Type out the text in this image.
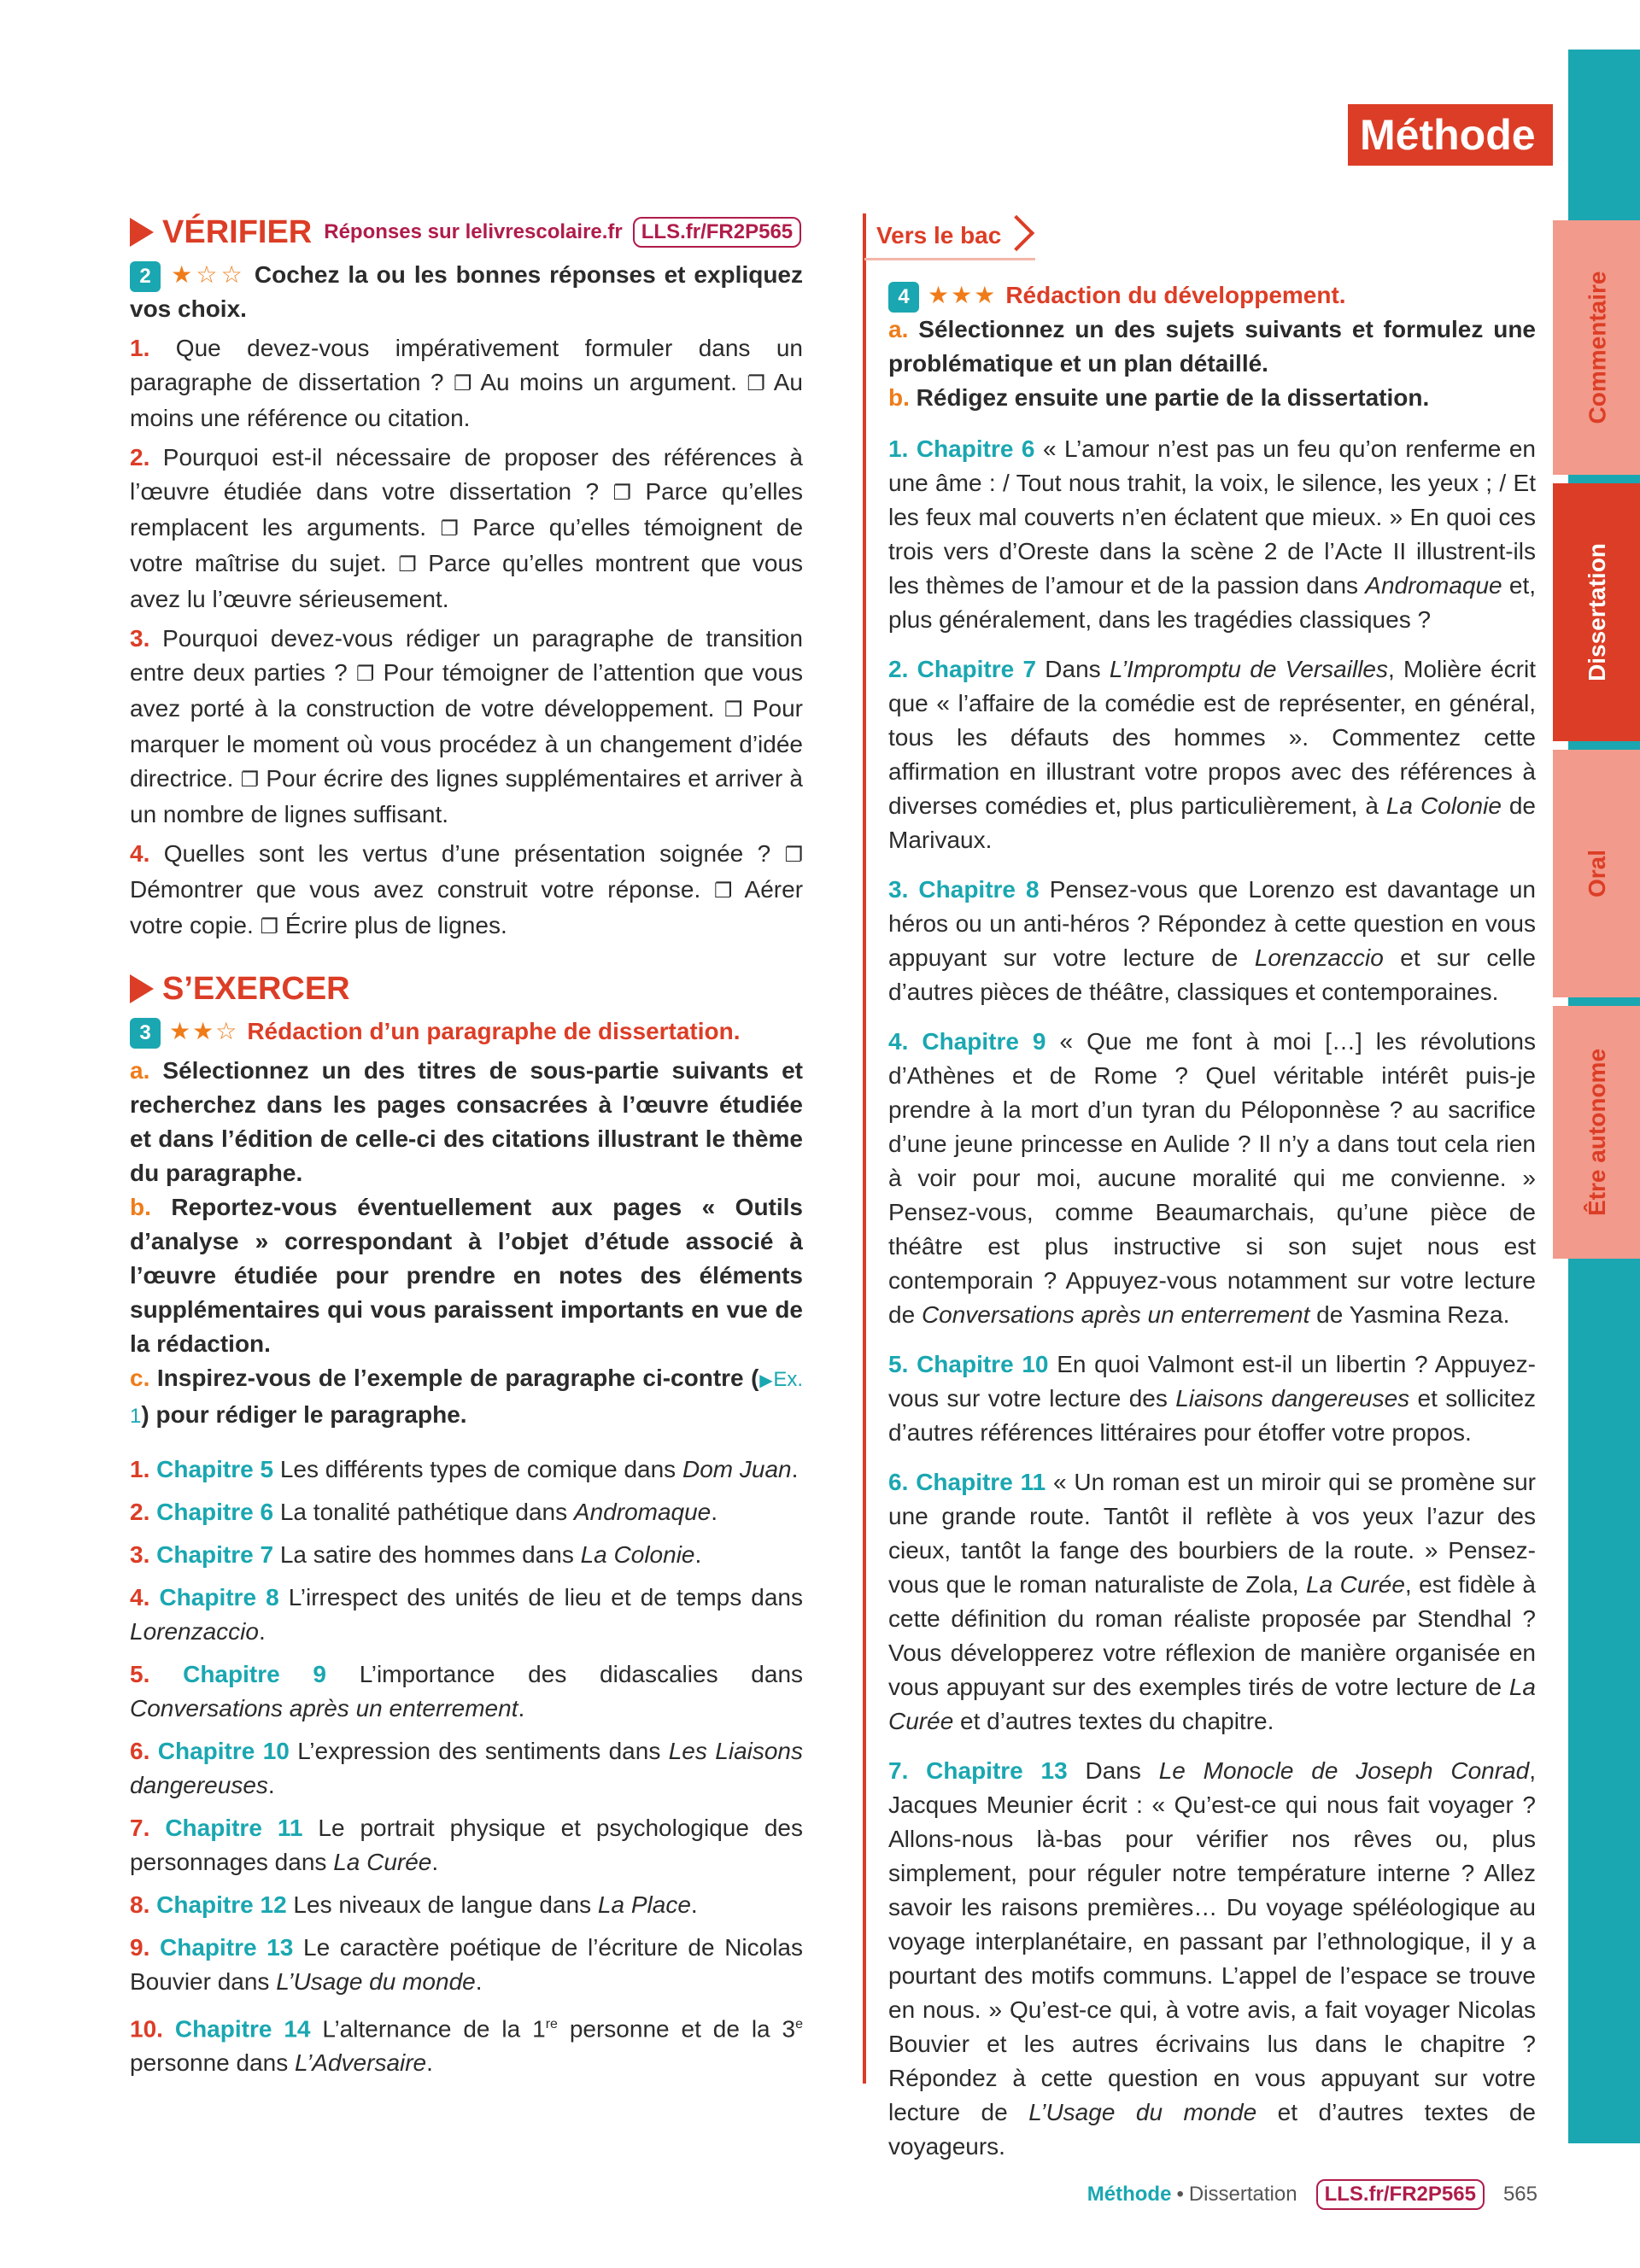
Méthode
Commentaire
Dissertation
Oral
Être autonome
VÉRIFIER Réponses sur lelivrescolaire.fr LLS.fr/FR2P565

2 ★☆☆ Cochez la ou les bonnes réponses et expliquez vos choix.

1. Que devez-vous impérativement formuler dans un paragraphe de dissertation ? ❐ Au moins un argument. ❐ Au moins une référence ou citation.

2. Pourquoi est-il nécessaire de proposer des références à l’œuvre étudiée dans votre dissertation ? ❐ Parce qu’elles remplacent les arguments. ❐ Parce qu’elles témoignent de votre maîtrise du sujet. ❐ Parce qu’elles montrent que vous avez lu l’œuvre sérieusement.

3. Pourquoi devez-vous rédiger un paragraphe de transition entre deux parties ? ❐ Pour témoigner de l’attention que vous avez porté à la construction de votre développement. ❐ Pour marquer le moment où vous procédez à un changement d’idée directrice. ❐ Pour écrire des lignes supplémentaires et arriver à un nombre de lignes suffisant.

4. Quelles sont les vertus d’une présentation soignée ? ❐ Démontrer que vous avez construit votre réponse. ❐ Aérer votre copie. ❐ Écrire plus de lignes.

S’EXERCER

3 ★★☆ Rédaction d’un paragraphe de dissertation.

a. Sélectionnez un des titres de sous-partie suivants et recherchez dans les pages consacrées à l’œuvre étudiée et dans l’édition de celle-ci des citations illustrant le thème du paragraphe.
b. Reportez-vous éventuellement aux pages « Outils d’analyse » correspondant à l’objet d’étude associé à l’œuvre étudiée pour prendre en notes des éléments supplémentaires qui vous paraissent importants en vue de la rédaction.
c. Inspirez-vous de l’exemple de paragraphe ci-contre (▶Ex. 1) pour rédiger le paragraphe.

1. Chapitre 5 Les différents types de comique dans Dom Juan.

2. Chapitre 6 La tonalité pathétique dans Andromaque.

3. Chapitre 7 La satire des hommes dans La Colonie.

4. Chapitre 8 L’irrespect des unités de lieu et de temps dans Lorenzaccio.

5. Chapitre 9 L’importance des didascalies dans Conversations après un enterrement.

6. Chapitre 10 L’expression des sentiments dans Les Liaisons dangereuses.

7. Chapitre 11 Le portrait physique et psychologique des personnages dans La Curée.

8. Chapitre 12 Les niveaux de langue dans La Place.

9. Chapitre 13 Le caractère poétique de l’écriture de Nicolas Bouvier dans L’Usage du monde.

10. Chapitre 14 L’alternance de la 1re personne et de la 3e personne dans L’Adversaire.

Vers le bac

4 ★★★ Rédaction du développement.

a. Sélectionnez un des sujets suivants et formulez une problématique et un plan détaillé.
b. Rédigez ensuite une partie de la dissertation.

1. Chapitre 6 « L’amour n’est pas un feu qu’on renferme en une âme : / Tout nous trahit, la voix, le silence, les yeux ; / Et les feux mal couverts n’en éclatent que mieux. » En quoi ces trois vers d’Oreste dans la scène 2 de l’Acte II illustrent-ils les thèmes de l’amour et de la passion dans Andromaque et, plus généralement, dans les tragédies classiques ?

2. Chapitre 7 Dans L’Impromptu de Versailles, Molière écrit que « l’affaire de la comédie est de représenter, en général, tous les défauts des hommes ». Commentez cette affirmation en illustrant votre propos avec des références à diverses comédies et, plus particulièrement, à La Colonie de Marivaux.

3. Chapitre 8 Pensez-vous que Lorenzo est davantage un héros ou un anti-héros ? Répondez à cette question en vous appuyant sur votre lecture de Lorenzaccio et sur celle d’autres pièces de théâtre, classiques et contemporaines.

4. Chapitre 9 « Que me font à moi […] les révolutions d’Athènes et de Rome ? Quel véritable intérêt puis-je prendre à la mort d’un tyran du Péloponnèse ? au sacrifice d’une jeune princesse en Aulide ? Il n’y a dans tout cela rien à voir pour moi, aucune moralité qui me convienne. » Pensez-vous, comme Beaumarchais, qu’une pièce de théâtre est plus instructive si son sujet nous est contemporain ? Appuyez-vous notamment sur votre lecture de Conversations après un enterrement de Yasmina Reza.

5. Chapitre 10 En quoi Valmont est-il un libertin ? Appuyez-vous sur votre lecture des Liaisons dangereuses et sollicitez d’autres références littéraires pour étoffer votre propos.

6. Chapitre 11 « Un roman est un miroir qui se promène sur une grande route. Tantôt il reflète à vos yeux l’azur des cieux, tantôt la fange des bourbiers de la route. » Pensez-vous que le roman naturaliste de Zola, La Curée, est fidèle à cette définition du roman réaliste proposée par Stendhal ? Vous développerez votre réflexion de manière organisée en vous appuyant sur des exemples tirés de votre lecture de La Curée et d’autres textes du chapitre.

7. Chapitre 13 Dans Le Monocle de Joseph Conrad, Jacques Meunier écrit : « Qu’est-ce qui nous fait voyager ? Allons-nous là-bas pour vérifier nos rêves ou, plus simplement, pour réguler notre température interne ? Allez savoir les raisons premières… Du voyage spéléologique au voyage interplanétaire, en passant par l’ethnologique, il y a pourtant des motifs communs. L’appel de l’espace se trouve en nous. » Qu’est-ce qui, à votre avis, a fait voyager Nicolas Bouvier et les autres écrivains lus dans le chapitre ? Répondez à cette question en vous appuyant sur votre lecture de L’Usage du monde et d’autres textes de voyageurs.

Méthode • Dissertation	LLS.fr/FR2P565	565
